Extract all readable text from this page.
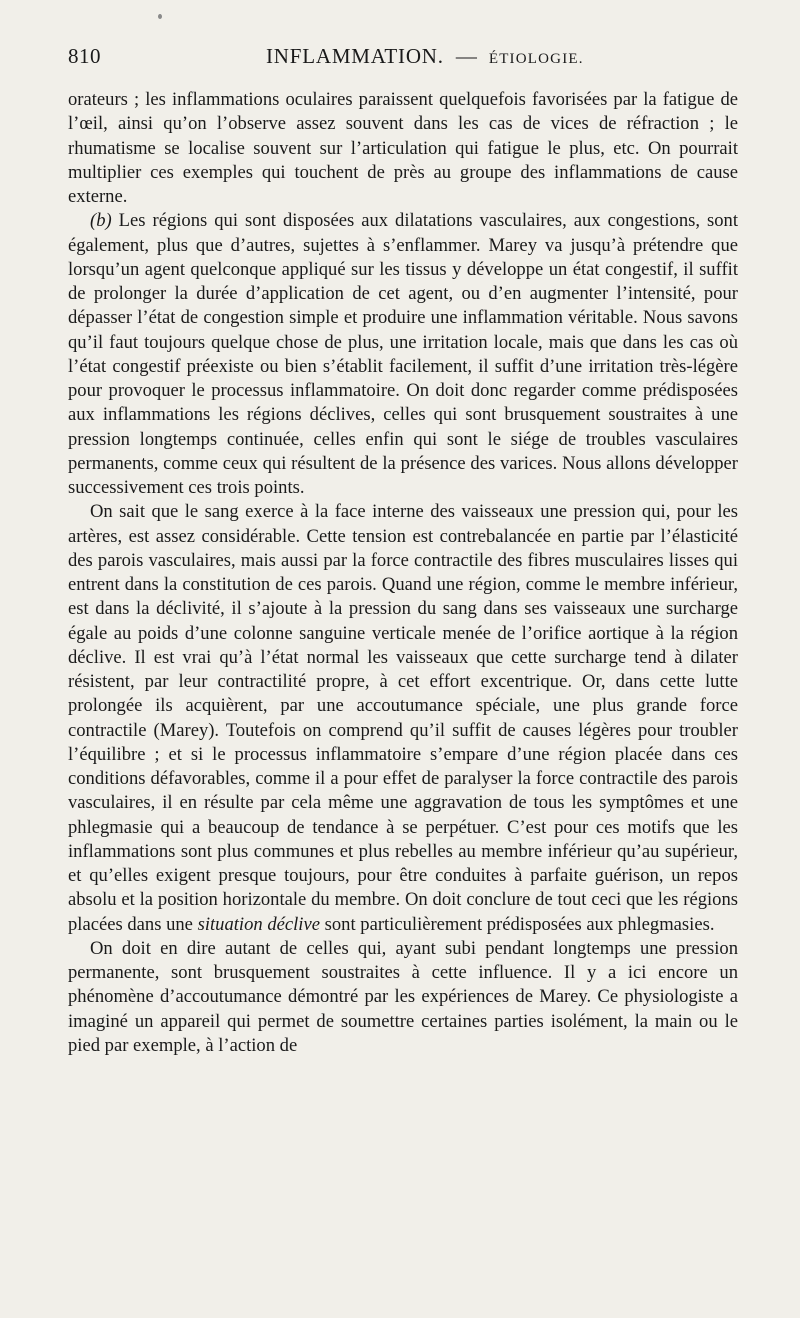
810	INFLAMMATION. — ÉTIOLOGIE.

orateurs ; les inflammations oculaires paraissent quelquefois favorisées par la fatigue de l’œil, ainsi qu’on l’observe assez souvent dans les cas de vices de réfraction ; le rhumatisme se localise souvent sur l’articulation qui fatigue le plus, etc. On pourrait multiplier ces exemples qui touchent de près au groupe des inflammations de cause externe.

(b) Les régions qui sont disposées aux dilatations vasculaires, aux congestions, sont également, plus que d’autres, sujettes à s’enflammer. Marey va jusqu’à prétendre que lorsqu’un agent quelconque appliqué sur les tissus y développe un état congestif, il suffit de prolonger la durée d’application de cet agent, ou d’en augmenter l’intensité, pour dépasser l’état de congestion simple et produire une inflammation véritable. Nous savons qu’il faut toujours quelque chose de plus, une irritation locale, mais que dans les cas où l’état congestif préexiste ou bien s’établit facilement, il suffit d’une irritation très-légère pour provoquer le processus inflammatoire. On doit donc regarder comme prédisposées aux inflammations les régions déclives, celles qui sont brusquement soustraites à une pression longtemps continuée, celles enfin qui sont le siége de troubles vasculaires permanents, comme ceux qui résultent de la présence des varices. Nous allons développer successivement ces trois points.

On sait que le sang exerce à la face interne des vaisseaux une pression qui, pour les artères, est assez considérable. Cette tension est contrebalancée en partie par l’élasticité des parois vasculaires, mais aussi par la force contractile des fibres musculaires lisses qui entrent dans la constitution de ces parois. Quand une région, comme le membre inférieur, est dans la déclivité, il s’ajoute à la pression du sang dans ses vaisseaux une surcharge égale au poids d’une colonne sanguine verticale menée de l’orifice aortique à la région déclive. Il est vrai qu’à l’état normal les vaisseaux que cette surcharge tend à dilater résistent, par leur contractilité propre, à cet effort excentrique. Or, dans cette lutte prolongée ils acquièrent, par une accoutumance spéciale, une plus grande force contractile (Marey). Toutefois on comprend qu’il suffit de causes légères pour troubler l’équilibre ; et si le processus inflammatoire s’empare d’une région placée dans ces conditions défavorables, comme il a pour effet de paralyser la force contractile des parois vasculaires, il en résulte par cela même une aggravation de tous les symptômes et une phlegmasie qui a beaucoup de tendance à se perpétuer. C’est pour ces motifs que les inflammations sont plus communes et plus rebelles au membre inférieur qu’au supérieur, et qu’elles exigent presque toujours, pour être conduites à parfaite guérison, un repos absolu et la position horizontale du membre. On doit conclure de tout ceci que les régions placées dans une situation déclive sont particulièrement prédisposées aux phlegmasies.

On doit en dire autant de celles qui, ayant subi pendant longtemps une pression permanente, sont brusquement soustraites à cette influence. Il y a ici encore un phénomène d’accoutumance démontré par les expériences de Marey. Ce physiologiste a imaginé un appareil qui permet de soumettre certaines parties isolément, la main ou le pied par exemple, à l’action de
